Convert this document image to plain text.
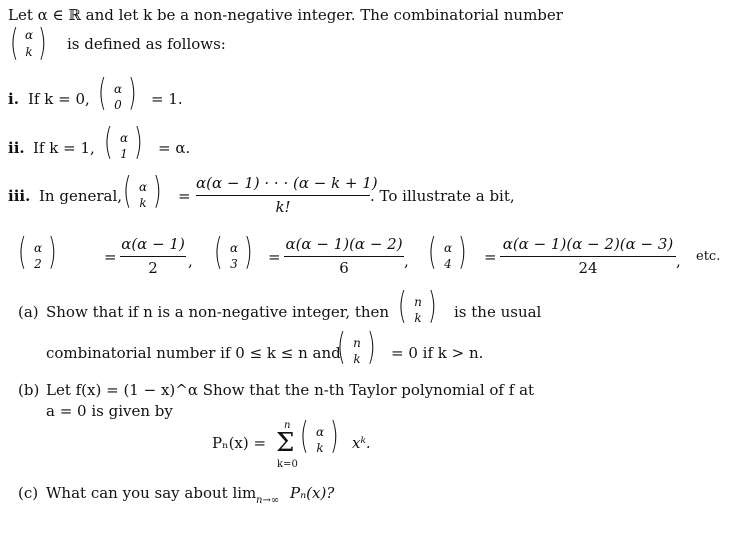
Let α ∈ ℝ and let k be a non-negative integer. The combinatorial number
( α
k ) is defined as follows:
i. If k = 0, ( α
0 ) = 1.
ii. If k = 1, ( α
1 ) = α.
iii. In general, ( α
k ) =
α(α − 1) · · · (α − k + 1)
k!
. To illustrate a bit,
( α
2 )	=
α(α − 1)
2	, ( α
3 ) =
α(α − 1)(α − 2)
6	, ( α
4 ) =
α(α − 1)(α − 2)(α − 3)
24	, etc.
(a) Show that if n is a non-negative integer, then ( n
k ) is the usual
combinatorial number if 0 ≤ k ≤ n and
( n
k ) = 0 if k > n.
(b) Let f(x) = (1 − x)^α Show that the n-th Taylor polynomial of f at
a = 0 is given by
Pₙ(x) =
n
Σ
k=0
( α
k ) xᵏ.
(c) What can you say about lim n→∞ Pₙ(x)?
